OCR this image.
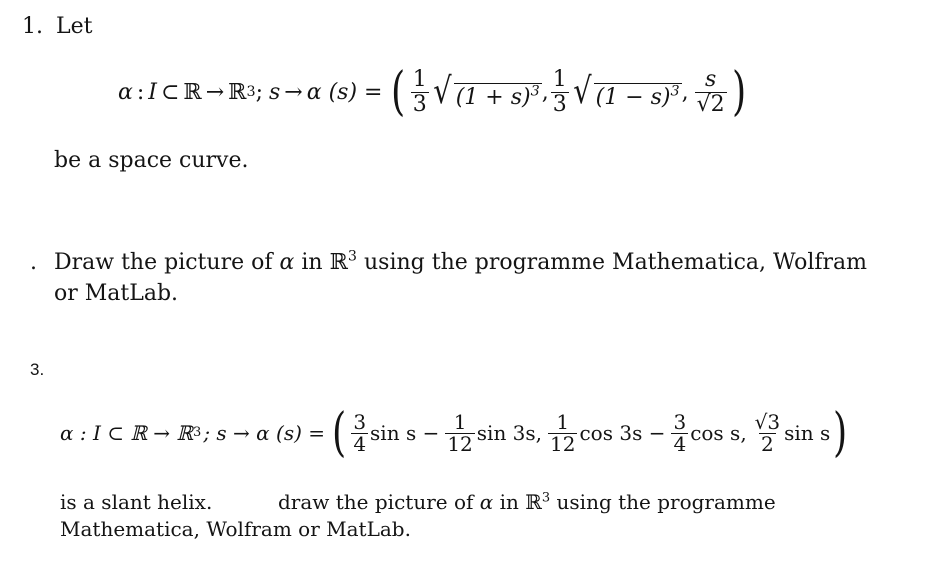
1. Let
α : I ⊂ ℝ → ℝ 3 ; s → α (s) = ( $\frac{1}{3}$ √ $(1 + s)^3$ , $\frac{1}{3}$ √ $(1 - s)^3$ , $\frac{s}{√2}$ )
be a space curve.
. Draw the picture of α in ℝ$^3$ using the programme Mathematica, Wolfram
or MatLab.
3.
α : I ⊂ ℝ → ℝ 3 ; s → α (s) = ( $\frac{3}{4}$ $\sin s - \frac{1}{12}$ sin 3s, $\frac{1}{12}$ $\cos 3s - \frac{3}{4}$ cos s, $\frac{√3}{2}$ sin s )
is a slant helix.	draw the picture of α in ℝ$^3$ using the programme
Mathematica, Wolfram or MatLab.
